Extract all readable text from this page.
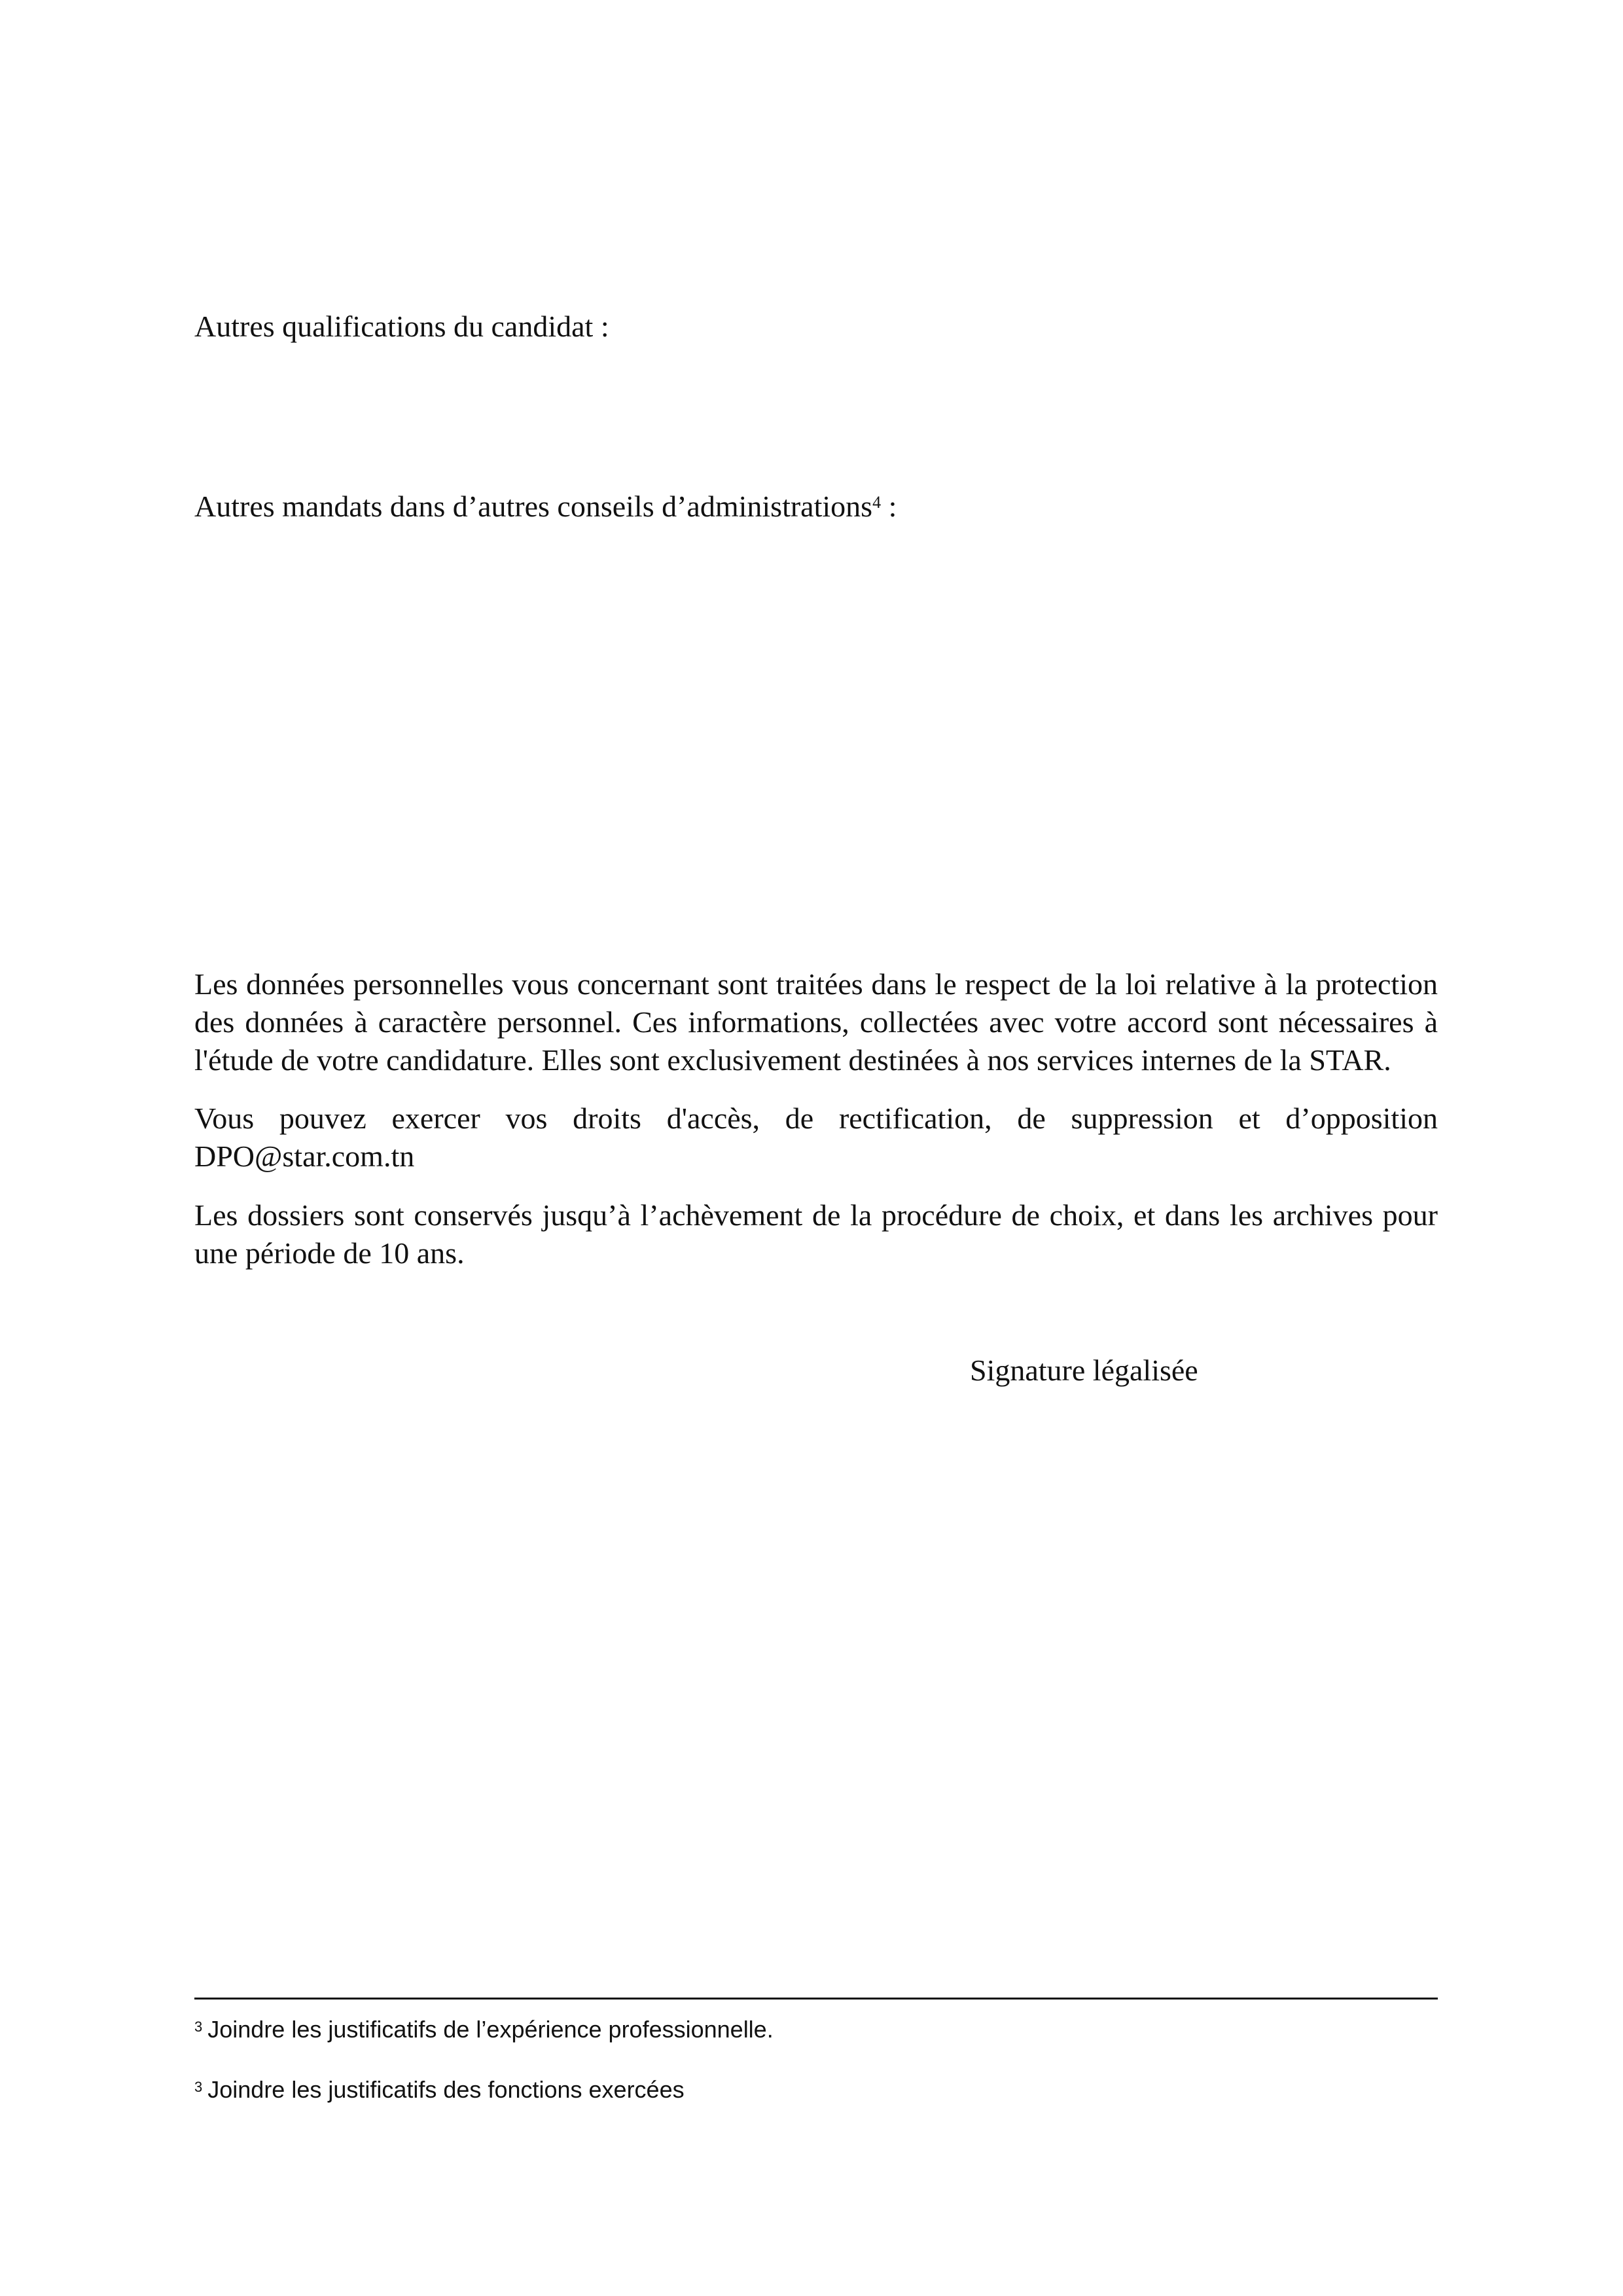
Autres qualifications du candidat :
Autres mandats dans d’autres conseils d’administrations$^4$ :
Les données personnelles vous concernant sont traitées dans le respect de la loi relative à la protection des données à caractère personnel. Ces informations, collectées avec votre accord sont nécessaires à l'étude de votre candidature. Elles sont exclusivement destinées à nos services internes de la STAR.
Vous pouvez exercer vos droits d'accès, de rectification, de suppression et d’opposition
DPO@star.com.tn
Les dossiers sont conservés jusqu’à l’achèvement de la procédure de choix, et dans les archives pour une période de 10 ans.
Signature légalisée
$^3$ Joindre les justificatifs de l’expérience professionnelle.
$^3$ Joindre les justificatifs des fonctions exercées
